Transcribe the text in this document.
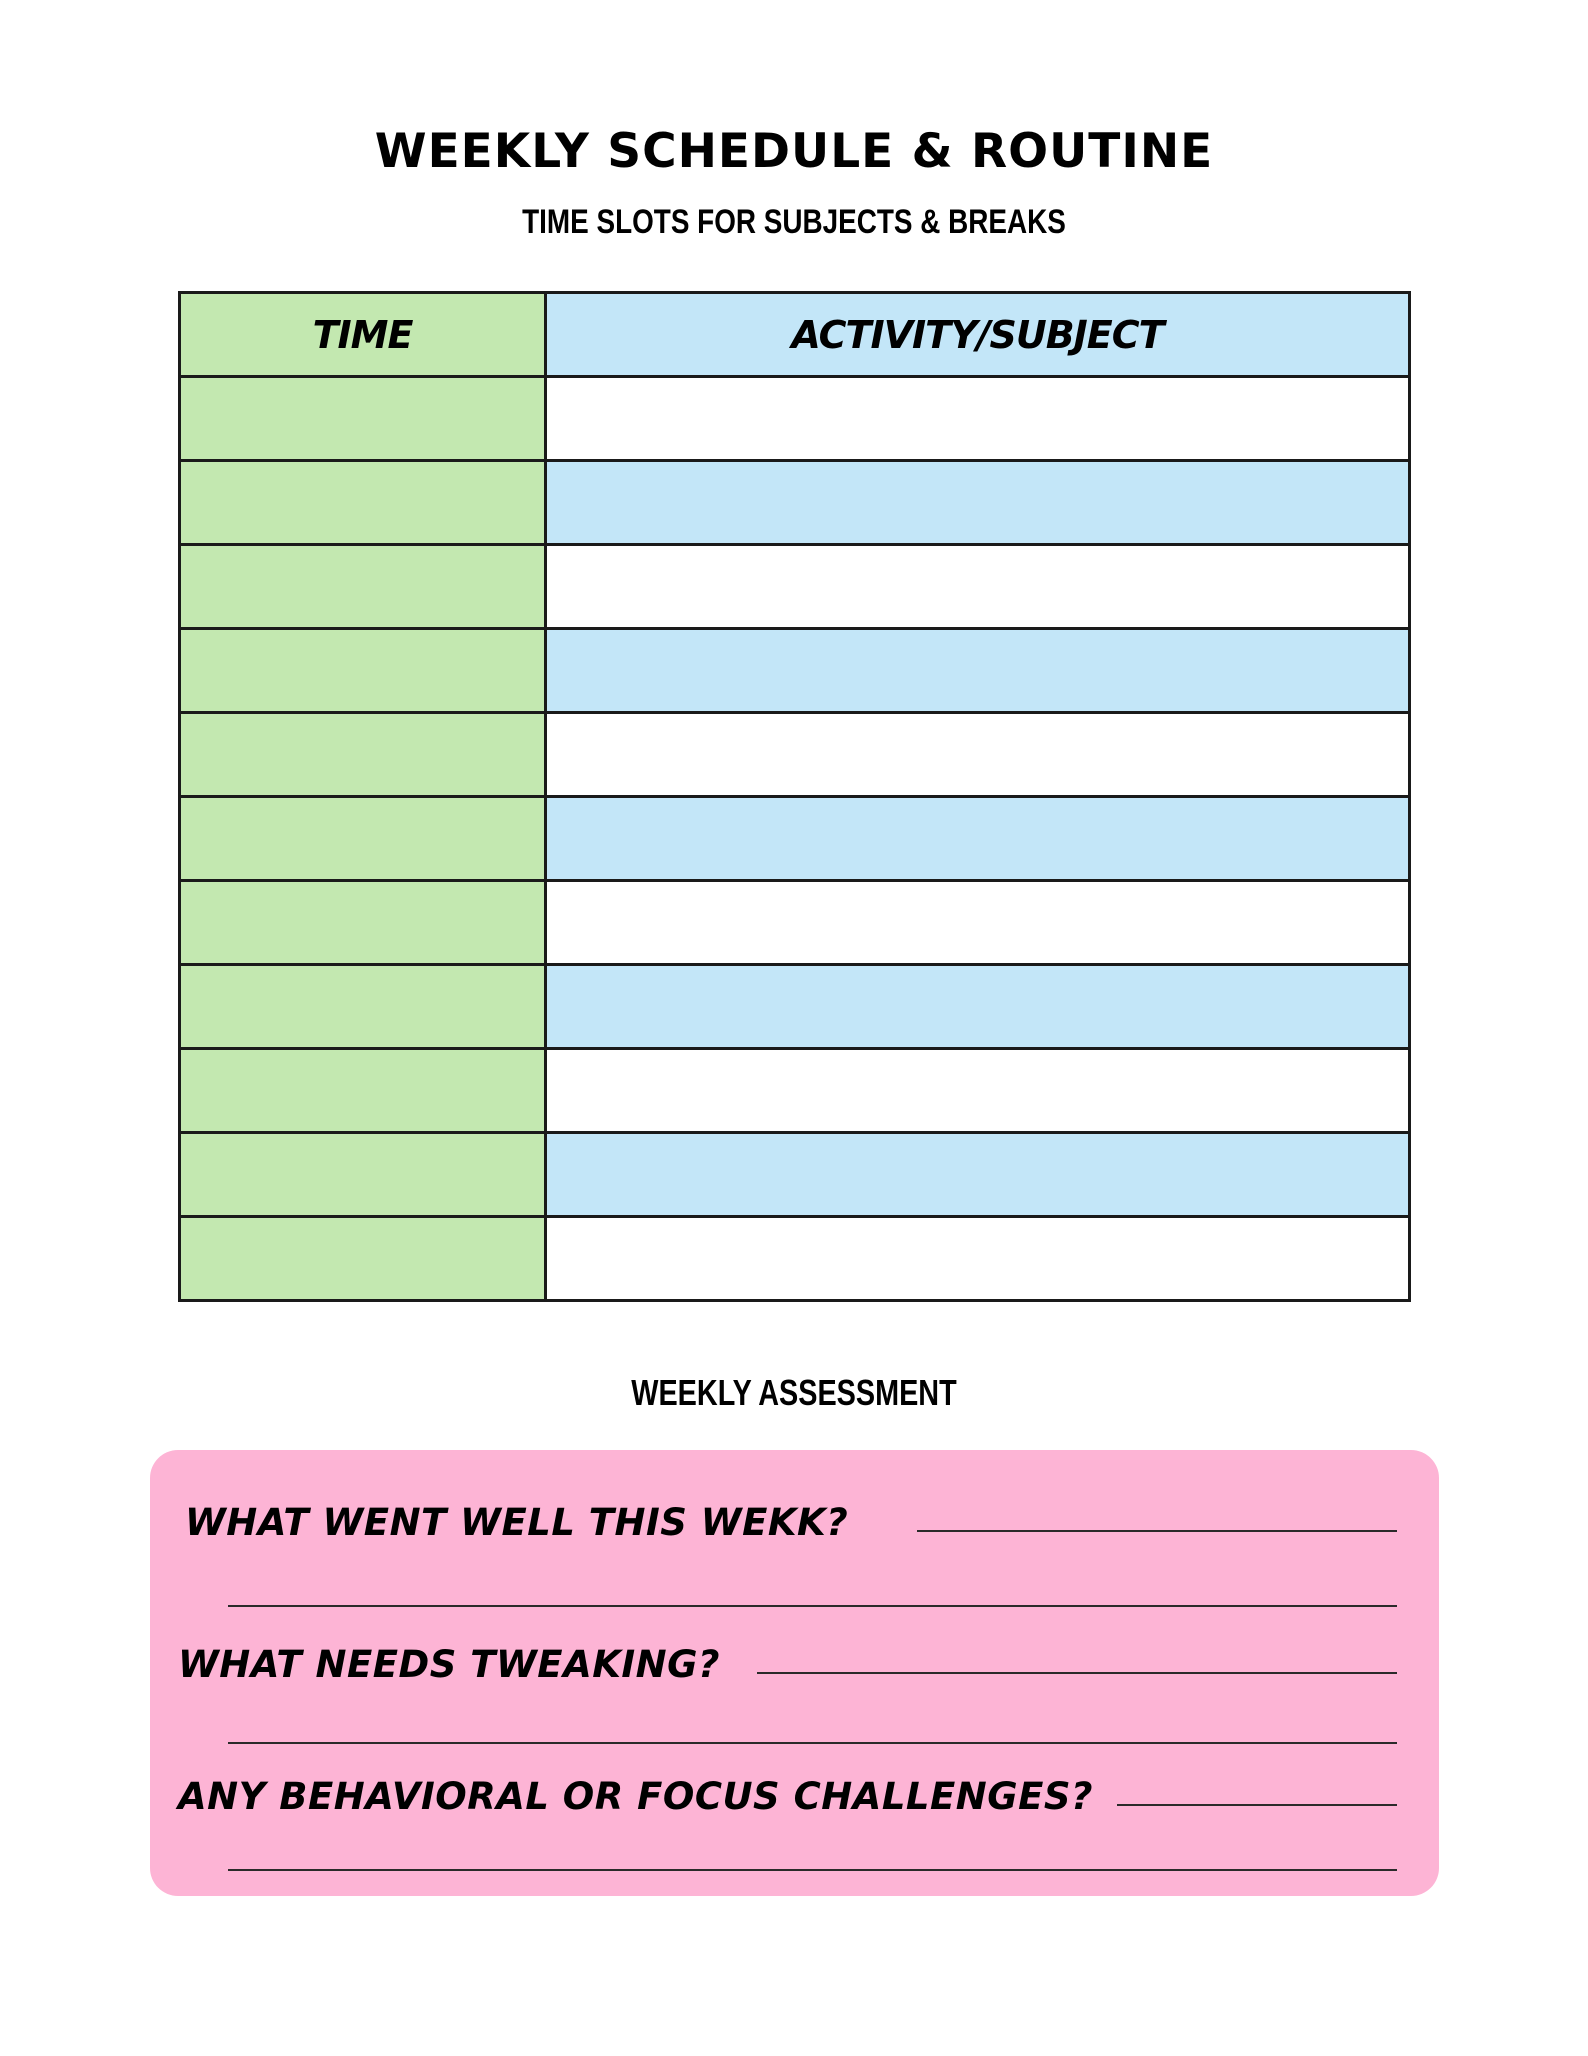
WEEKLY SCHEDULE & ROUTINE
TIME SLOTS FOR SUBJECTS & BREAKS
TIME	ACTIVITY/SUBJECT

WEEKLY ASSESSMENT
WHAT WENT WELL THIS WEKK?
WHAT NEEDS TWEAKING?
ANY BEHAVIORAL OR FOCUS CHALLENGES?
